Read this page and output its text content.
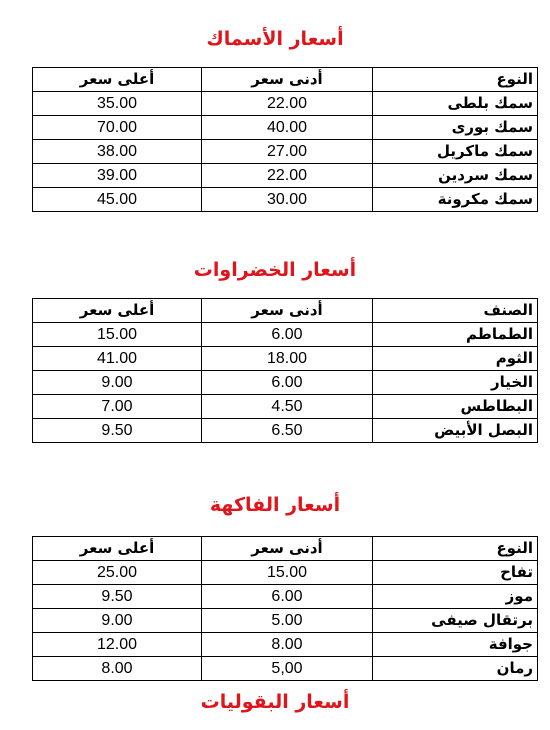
أسعار الأسماك
النوع	أدنى سعر	أعلى سعر
سمك بلطى	22.00	35.00
سمك بورى	40.00	70.00
سمك ماكريل	27.00	38.00
سمك سردين	22.00	39.00
سمك مكرونة	30.00	45.00
أسعار الخضراوات
الصنف	أدنى سعر	أعلى سعر
الطماطم	6.00	15.00
الثوم	18.00	41.00
الخيار	6.00	9.00
البطاطس	4.50	7.00
البصل الأبيض	6.50	9.50
أسعار الفاكهة
النوع	أدنى سعر	أعلى سعر
تفاح	15.00	25.00
موز	6.00	9.50
برتقال صيفى	5.00	9.00
جوافة	8.00	12.00
رمان	5,00	8.00
أسعار البقوليات
